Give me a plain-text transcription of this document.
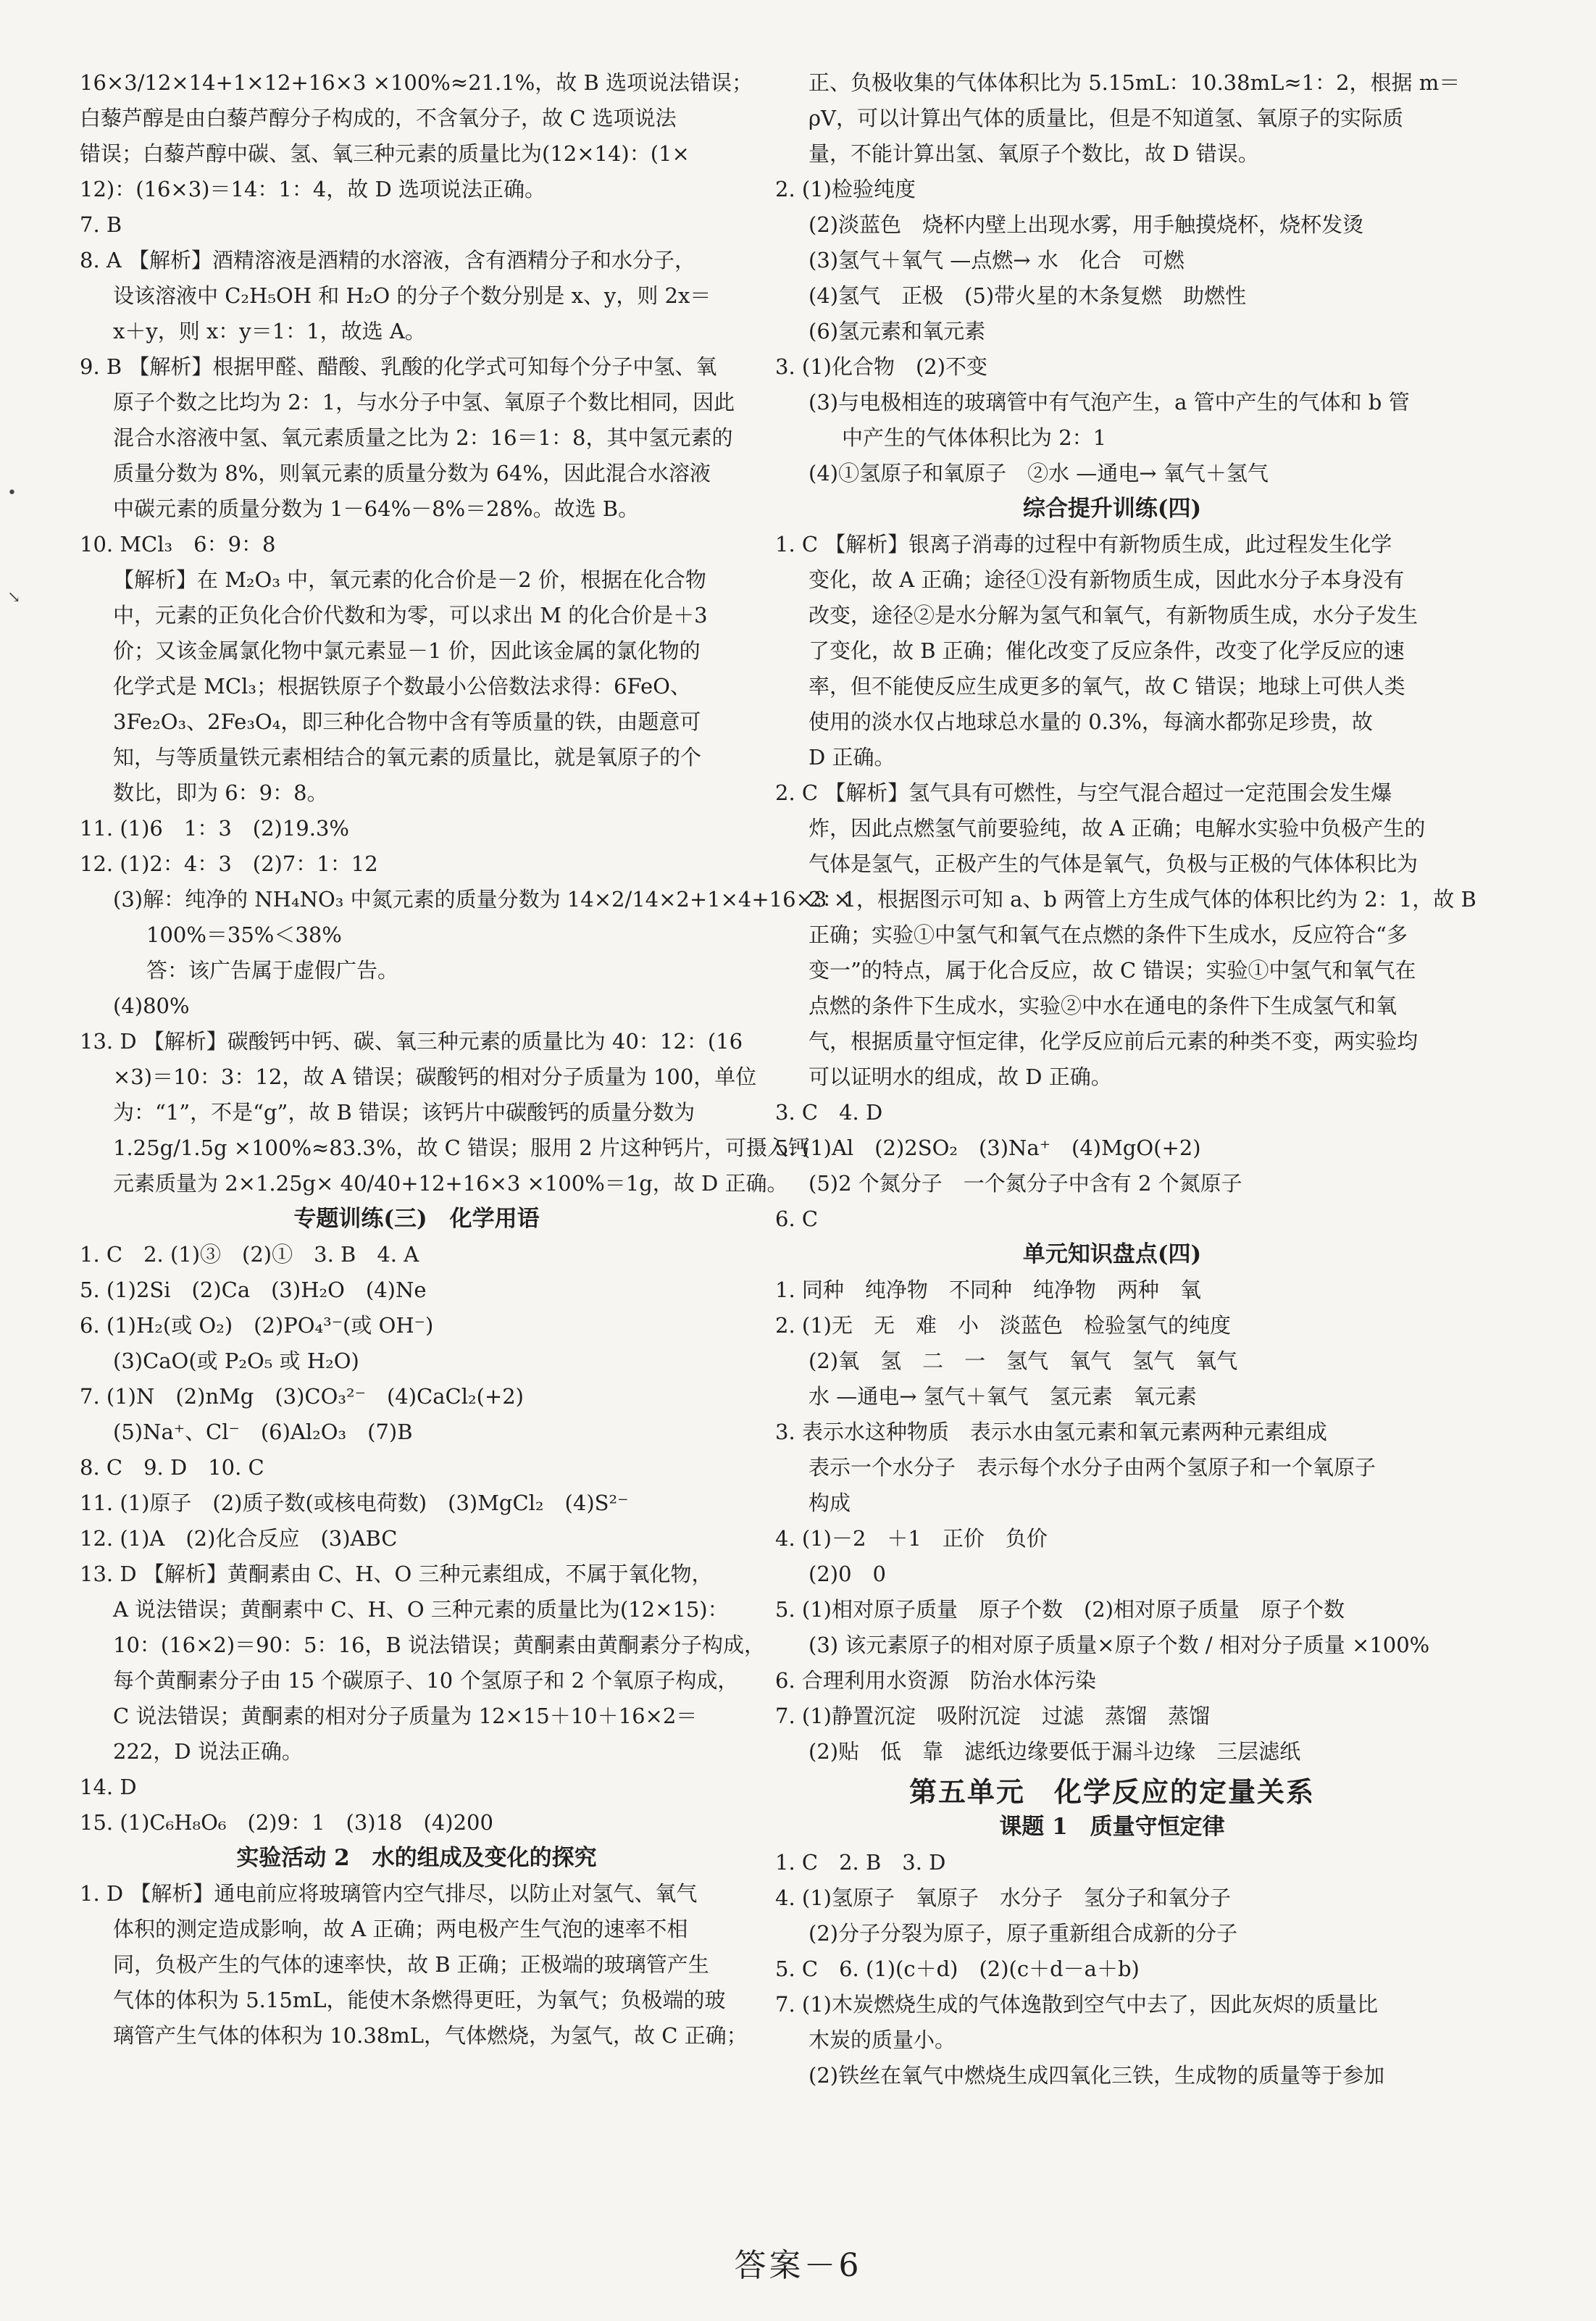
16×3/12×14+1×12+16×3 ×100%≈21.1%，故 B 选项说法错误；
白藜芦醇是由白藜芦醇分子构成的，不含氧分子，故 C 选项说法
错误；白藜芦醇中碳、氢、氧三种元素的质量比为(12×14)：(1×
12)：(16×3)＝14：1：4，故 D 选项说法正确。
7. B
8. A 【解析】酒精溶液是酒精的水溶液，含有酒精分子和水分子，
设该溶液中 C₂H₅OH 和 H₂O 的分子个数分别是 x、y，则 2x＝
x＋y，则 x：y＝1：1，故选 A。
9. B 【解析】根据甲醛、醋酸、乳酸的化学式可知每个分子中氢、氧
原子个数之比均为 2：1，与水分子中氢、氧原子个数比相同，因此
混合水溶液中氢、氧元素质量之比为 2：16＝1：8，其中氢元素的
质量分数为 8%，则氧元素的质量分数为 64%，因此混合水溶液
中碳元素的质量分数为 1－64%－8%＝28%。故选 B。
10. MCl₃　6：9：8
【解析】在 M₂O₃ 中，氧元素的化合价是－2 价，根据在化合物
中，元素的正负化合价代数和为零，可以求出 M 的化合价是＋3
价；又该金属氯化物中氯元素显－1 价，因此该金属的氯化物的
化学式是 MCl₃；根据铁原子个数最小公倍数法求得：6FeO、
3Fe₂O₃、2Fe₃O₄，即三种化合物中含有等质量的铁，由题意可
知，与等质量铁元素相结合的氧元素的质量比，就是氧原子的个
数比，即为 6：9：8。
11. (1)6　1：3　(2)19.3%
12. (1)2：4：3　(2)7：1：12
(3)解：纯净的 NH₄NO₃ 中氮元素的质量分数为 14×2/14×2+1×4+16×3 ×
100%＝35%＜38%
答：该广告属于虚假广告。
(4)80%
13. D 【解析】碳酸钙中钙、碳、氧三种元素的质量比为 40：12：(16
×3)＝10：3：12，故 A 错误；碳酸钙的相对分子质量为 100，单位
为：“1”，不是“g”，故 B 错误；该钙片中碳酸钙的质量分数为
1.25g/1.5g ×100%≈83.3%，故 C 错误；服用 2 片这种钙片，可摄入钙
元素质量为 2×1.25g× 40/40+12+16×3 ×100%＝1g，故 D 正确。
专题训练(三)　化学用语
1. C　2. (1)③　(2)①　3. B　4. A
5. (1)2Si　(2)Ca　(3)H₂O　(4)Ne
6. (1)H₂(或 O₂)　(2)PO₄³⁻(或 OH⁻)
(3)CaO(或 P₂O₅ 或 H₂O)
7. (1)N　(2)nMg　(3)CO₃²⁻　(4)CaCl₂(+2)
(5)Na⁺、Cl⁻　(6)Al₂O₃　(7)B
8. C　9. D　10. C
11. (1)原子　(2)质子数(或核电荷数)　(3)MgCl₂　(4)S²⁻
12. (1)A　(2)化合反应　(3)ABC
13. D 【解析】黄酮素由 C、H、O 三种元素组成，不属于氧化物，
A 说法错误；黄酮素中 C、H、O 三种元素的质量比为(12×15)：
10：(16×2)＝90：5：16，B 说法错误；黄酮素由黄酮素分子构成，
每个黄酮素分子由 15 个碳原子、10 个氢原子和 2 个氧原子构成，
C 说法错误；黄酮素的相对分子质量为 12×15＋10＋16×2＝
222，D 说法正确。
14. D
15. (1)C₆H₈O₆　(2)9：1　(3)18　(4)200
实验活动 2　水的组成及变化的探究
1. D 【解析】通电前应将玻璃管内空气排尽，以防止对氢气、氧气
体积的测定造成影响，故 A 正确；两电极产生气泡的速率不相
同，负极产生的气体的速率快，故 B 正确；正极端的玻璃管产生
气体的体积为 5.15mL，能使木条燃得更旺，为氧气；负极端的玻
璃管产生气体的体积为 10.38mL，气体燃烧，为氢气，故 C 正确；
正、负极收集的气体体积比为 5.15mL：10.38mL≈1：2，根据 m＝
ρV，可以计算出气体的质量比，但是不知道氢、氧原子的实际质
量，不能计算出氢、氧原子个数比，故 D 错误。
2. (1)检验纯度
(2)淡蓝色　烧杯内壁上出现水雾，用手触摸烧杯，烧杯发烫
(3)氢气＋氧气 —点燃→ 水　化合　可燃
(4)氢气　正极　(5)带火星的木条复燃　助燃性
(6)氢元素和氧元素
3. (1)化合物　(2)不变
(3)与电极相连的玻璃管中有气泡产生，a 管中产生的气体和 b 管
中产生的气体体积比为 2：1
(4)①氢原子和氧原子　②水 —通电→ 氧气＋氢气
综合提升训练(四)
1. C 【解析】银离子消毒的过程中有新物质生成，此过程发生化学
变化，故 A 正确；途径①没有新物质生成，因此水分子本身没有
改变，途径②是水分解为氢气和氧气，有新物质生成，水分子发生
了变化，故 B 正确；催化改变了反应条件，改变了化学反应的速
率，但不能使反应生成更多的氧气，故 C 错误；地球上可供人类
使用的淡水仅占地球总水量的 0.3%，每滴水都弥足珍贵，故
D 正确。
2. C 【解析】氢气具有可燃性，与空气混合超过一定范围会发生爆
炸，因此点燃氢气前要验纯，故 A 正确；电解水实验中负极产生的
气体是氢气，正极产生的气体是氧气，负极与正极的气体体积比为
2：1，根据图示可知 a、b 两管上方生成气体的体积比约为 2：1，故 B
正确；实验①中氢气和氧气在点燃的条件下生成水，反应符合“多
变一”的特点，属于化合反应，故 C 错误；实验①中氢气和氧气在
点燃的条件下生成水，实验②中水在通电的条件下生成氢气和氧
气，根据质量守恒定律，化学反应前后元素的种类不变，两实验均
可以证明水的组成，故 D 正确。
3. C　4. D
5. (1)Al　(2)2SO₂　(3)Na⁺　(4)MgO(+2)
(5)2 个氮分子　一个氮分子中含有 2 个氮原子
6. C
单元知识盘点(四)
1. 同种　纯净物　不同种　纯净物　两种　氧
2. (1)无　无　难　小　淡蓝色　检验氢气的纯度
(2)氧　氢　二　一　氢气　氧气　氢气　氧气
水 —通电→ 氢气＋氧气　氢元素　氧元素
3. 表示水这种物质　表示水由氢元素和氧元素两种元素组成
表示一个水分子　表示每个水分子由两个氢原子和一个氧原子
构成
4. (1)－2　＋1　正价　负价
(2)0　0
5. (1)相对原子质量　原子个数　(2)相对原子质量　原子个数
(3) 该元素原子的相对原子质量×原子个数 / 相对分子质量 ×100%
6. 合理利用水资源　防治水体污染
7. (1)静置沉淀　吸附沉淀　过滤　蒸馏　蒸馏
(2)贴　低　靠　滤纸边缘要低于漏斗边缘　三层滤纸
第五单元　化学反应的定量关系
课题 1　质量守恒定律
1. C　2. B　3. D
4. (1)氢原子　氧原子　水分子　氢分子和氧分子
(2)分子分裂为原子，原子重新组合成新的分子
5. C　6. (1)(c＋d)　(2)(c＋d－a＋b)
7. (1)木炭燃烧生成的气体逸散到空气中去了，因此灰烬的质量比
木炭的质量小。
(2)铁丝在氧气中燃烧生成四氧化三铁，生成物的质量等于参加
•
↘
答案－6
